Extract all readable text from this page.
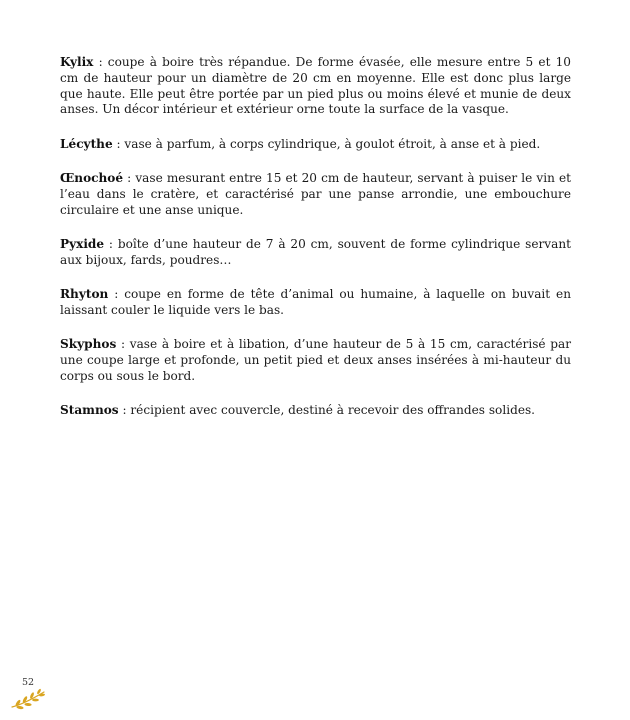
Kylix : coupe à boire très répandue. De forme évasée, elle mesure entre 5 et 10 cm de hauteur pour un diamètre de 20 cm en moyenne. Elle est donc plus large que haute. Elle peut être portée par un pied plus ou moins élevé et munie de deux anses. Un décor intérieur et extérieur orne toute la surface de la vasque.

Lécythe : vase à parfum, à corps cylindrique, à goulot étroit, à anse et à pied.

Œnochoé : vase mesurant entre 15 et 20 cm de hauteur, servant à puiser le vin et l’eau dans le cratère, et caractérisé par une panse arrondie, une embouchure circulaire et une anse unique.

Pyxide : boîte d’une hauteur de 7 à 20 cm, souvent de forme cylindrique servant aux bijoux, fards, poudres…

Rhyton : coupe en forme de tête d’animal ou humaine, à laquelle on buvait en laissant couler le liquide vers le bas.

Skyphos : vase à boire et à libation, d’une hauteur de 5 à 15 cm, caractérisé par une coupe large et profonde, un petit pied et deux anses insérées à mi-hauteur du corps ou sous le bord.

Stamnos : récipient avec couvercle, destiné à recevoir des offrandes solides.

52
